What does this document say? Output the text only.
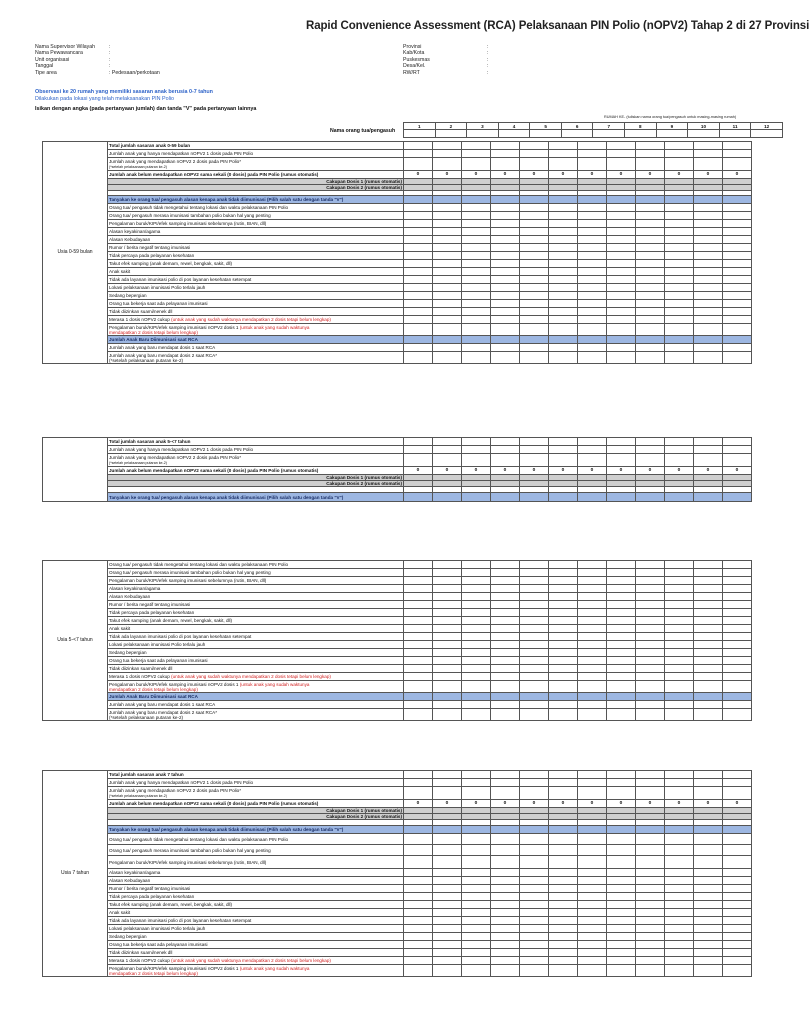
Rapid Convenience Assessment (RCA) Pelaksanaan PIN Polio (nOPV2) Tahap 2 di 27 Provinsi
Nama Supervisor Wilayah	:
Nama Pewawancara	:
Unit organisasi	:
Tanggal	:
Tipe area	: Pedesaan/perkotaan
Provinsi	:
Kab/Kota	:
Puskesmas	:
Desa/Kel.	:
RW/RT	:
Observasi ke 20 rumah yang memiliki sasaran anak berusia 0-7 tahun
Dilakukan pada lokasi yang telah melaksanakan PIN Polio
Isikan dengan angka (pada pertanyaan jumlah) dan tanda "V" pada pertanyaan lainnya
RUMAH KE- (tuliskan nama orang tua/pengasuh untuk masing-masing rumah)
Nama orang tua/pengasuh
1	2	3	4	5	6	7	8	9	10	11	12

Usia 0-59 bulan	Total jumlah sasaran anak 0-59 bulan												
	Jumlah anak yang hanya mendapatkan nOPV2 1 dosis pada PIN Polio												
	Jumlah anak yang mendapatkan nOPV2 2 dosis pada PIN Polio*
(*setelah pelaksanaan putaran ke-2)												
	Jumlah anak belum mendapatkan nOPV2 sama sekali (0 dosis) pada PIN Polio (rumus otomatis)	0	0	0	0	0	0	0	0	0	0	0	0
	Cakupan Dosis 1 (rumus otomatis)												
	Cakupan Dosis 2 (rumus otomatis)												

	Tanyakan ke orang tua/ pengasuh alasan kenapa anak tidak diimunisasi (Pilih salah satu dengan tanda "V")												
	Orang tua/ pengasuh tidak mengetahui tentang lokasi dan waktu pelaksanaan PIN Polio												
	Orang tua/ pengasuh merasa imunisasi tambahan polio bukan hal yang penting												
	Pengalaman buruk/KIPI/efek samping imunisasi sebelumnya (rutin, BIAN, dll)												
	Alasan keyakinan/agama												
	Alasan Kebudayaan												
	Rumor / berita negatif tentang imunisasi												
	Tidak percaya pada pelayanan kesehatan												
	Takut efek samping (anak demam, rewel, bengkak, sakit, dll)												
	Anak sakit												
	Tidak ada layanan imunisasi polio di pos layanan kesehatan setempat												
	Lokasi pelaksanaan imunisasi Polio terlalu jauh												
	Sedang bepergian												
	Orang tua bekerja saat ada pelayanan imunisasi												
	Tidak diizinkan suami/nenek dll												
	Merasa 1 dosis nOPV2 cukup (untuk anak yang sudah waktunya mendapatkan 2 dosis tetapi belum lengkap)												
	Pengalaman buruk/KIPI/efek samping imunisasi nOPV2 dosis 1 (untuk anak yang sudah waktunya
mendapatkan 2 dosis tetapi belum lengkap)												
	Jumlah Anak Baru Diimunisasi saat RCA												
	Jumlah anak yang baru mendapat dosis 1 saat RCA												
	Jumlah anak yang baru mendapat dosis 2 saat RCA*
(*setelah pelaksanaan putaran ke-2)												
	Total jumlah sasaran anak 5-<7 tahun												
	Jumlah anak yang hanya mendapatkan nOPV2 1 dosis pada PIN Polio												
	Jumlah anak yang mendapatkan nOPV2 2 dosis pada PIN Polio*
(*setelah pelaksanaan putaran ke-2)												
	Jumlah anak belum mendapatkan nOPV2 sama sekali (0 dosis) pada PIN Polio (rumus otomatis)	0	0	0	0	0	0	0	0	0	0	0	0
	Cakupan Dosis 1 (rumus otomatis)												
	Cakupan Dosis 2 (rumus otomatis)												

	Tanyakan ke orang tua/ pengasuh alasan kenapa anak tidak diimunisasi (Pilih salah satu dengan tanda "V")												
Usia 5-<7 tahun	Orang tua/ pengasuh tidak mengetahui tentang lokasi dan waktu pelaksanaan PIN Polio												
	Orang tua/ pengasuh merasa imunisasi tambahan polio bukan hal yang penting												
	Pengalaman buruk/KIPI/efek samping imunisasi sebelumnya (rutin, BIAN, dll)												
	Alasan keyakinan/agama												
	Alasan Kebudayaan												
	Rumor / berita negatif tentang imunisasi												
	Tidak percaya pada pelayanan kesehatan												
	Takut efek samping (anak demam, rewel, bengkak, sakit, dll)												
	Anak sakit												
	Tidak ada layanan imunisasi polio di pos layanan kesehatan setempat												
	Lokasi pelaksanaan imunisasi Polio terlalu jauh												
	Sedang bepergian												
	Orang tua bekerja saat ada pelayanan imunisasi												
	Tidak diizinkan suami/nenek dll												
	Merasa 1 dosis nOPV2 cukup (untuk anak yang sudah waktunya mendapatkan 2 dosis tetapi belum lengkap)												
	Pengalaman buruk/KIPI/efek samping imunisasi nOPV2 dosis 1 (untuk anak yang sudah waktunya
mendapatkan 2 dosis tetapi belum lengkap)												
	Jumlah Anak Baru Diimunisasi saat RCA												
	Jumlah anak yang baru mendapat dosis 1 saat RCA												
	Jumlah anak yang baru mendapat dosis 2 saat RCA*
(*setelah pelaksanaan putaran ke-2)												
Usia 7 tahun	Total jumlah sasaran anak 7 tahun												
	Jumlah anak yang hanya mendapatkan nOPV2 1 dosis pada PIN Polio												
	Jumlah anak yang mendapatkan nOPV2 2 dosis pada PIN Polio*
(*setelah pelaksanaan putaran ke-2)												
	Jumlah anak belum mendapatkan nOPV2 sama sekali (0 dosis) pada PIN Polio (rumus otomatis)	0	0	0	0	0	0	0	0	0	0	0	0
	Cakupan Dosis 1 (rumus otomatis)												
	Cakupan Dosis 2 (rumus otomatis)												

	Tanyakan ke orang tua/ pengasuh alasan kenapa anak tidak diimunisasi (Pilih salah satu dengan tanda "V")												
	Orang tua/ pengasuh tidak mengetahui tentang lokasi dan waktu pelaksanaan PIN Polio												
	Orang tua/ pengasuh merasa imunisasi tambahan polio bukan hal yang penting												
	Pengalaman buruk/KIPI/efek samping imunisasi sebelumnya (rutin, BIAN, dll)												
	Alasan keyakinan/agama												
	Alasan Kebudayaan												
	Rumor / berita negatif tentang imunisasi												
	Tidak percaya pada pelayanan kesehatan												
	Takut efek samping (anak demam, rewel, bengkak, sakit, dll)												
	Anak sakit												
	Tidak ada layanan imunisasi polio di pos layanan kesehatan setempat												
	Lokasi pelaksanaan imunisasi Polio terlalu jauh												
	Sedang bepergian												
	Orang tua bekerja saat ada pelayanan imunisasi												
	Tidak diizinkan suami/nenek dll												
	Merasa 1 dosis nOPV2 cukup (untuk anak yang sudah waktunya mendapatkan 2 dosis tetapi belum lengkap)												
	Pengalaman buruk/KIPI/efek samping imunisasi nOPV2 dosis 1 (untuk anak yang sudah waktunya
mendapatkan 2 dosis tetapi belum lengkap)												
